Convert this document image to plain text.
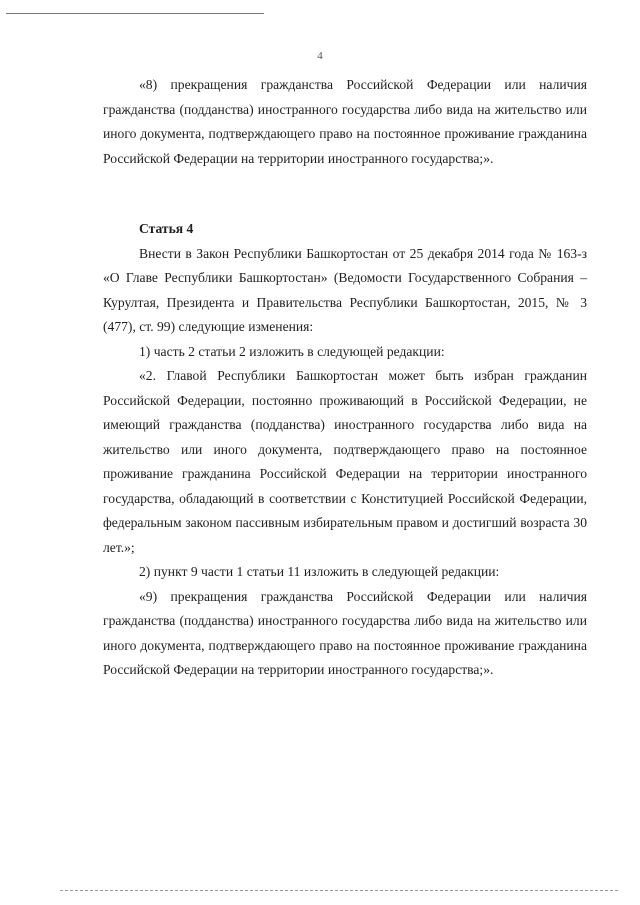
4

«8) прекращения гражданства Российской Федерации или наличия гражданства (подданства) иностранного государства либо вида на жительство или иного документа, подтверждающего право на постоянное проживание гражданина Российской Федерации на территории иностранного государства;».

Статья 4

Внести в Закон Республики Башкортостан от 25 декабря 2014 года № 163-з «О Главе Республики Башкортостан» (Ведомости Государственного Собрания – Курултая, Президента и Правительства Республики Башкортостан, 2015, № 3 (477), ст. 99) следующие изменения:

1) часть 2 статьи 2 изложить в следующей редакции:

«2. Главой Республики Башкортостан может быть избран гражданин Российской Федерации, постоянно проживающий в Российской Федерации, не имеющий гражданства (подданства) иностранного государства либо вида на жительство или иного документа, подтверждающего право на постоянное проживание гражданина Российской Федерации на территории иностранного государства, обладающий в соответствии с Конституцией Российской Федерации, федеральным законом пассивным избирательным правом и достигший возраста 30 лет.»;

2) пункт 9 части 1 статьи 11 изложить в следующей редакции:

«9) прекращения гражданства Российской Федерации или наличия гражданства (подданства) иностранного государства либо вида на жительство или иного документа, подтверждающего право на постоянное проживание гражданина Российской Федерации на территории иностранного государства;».
